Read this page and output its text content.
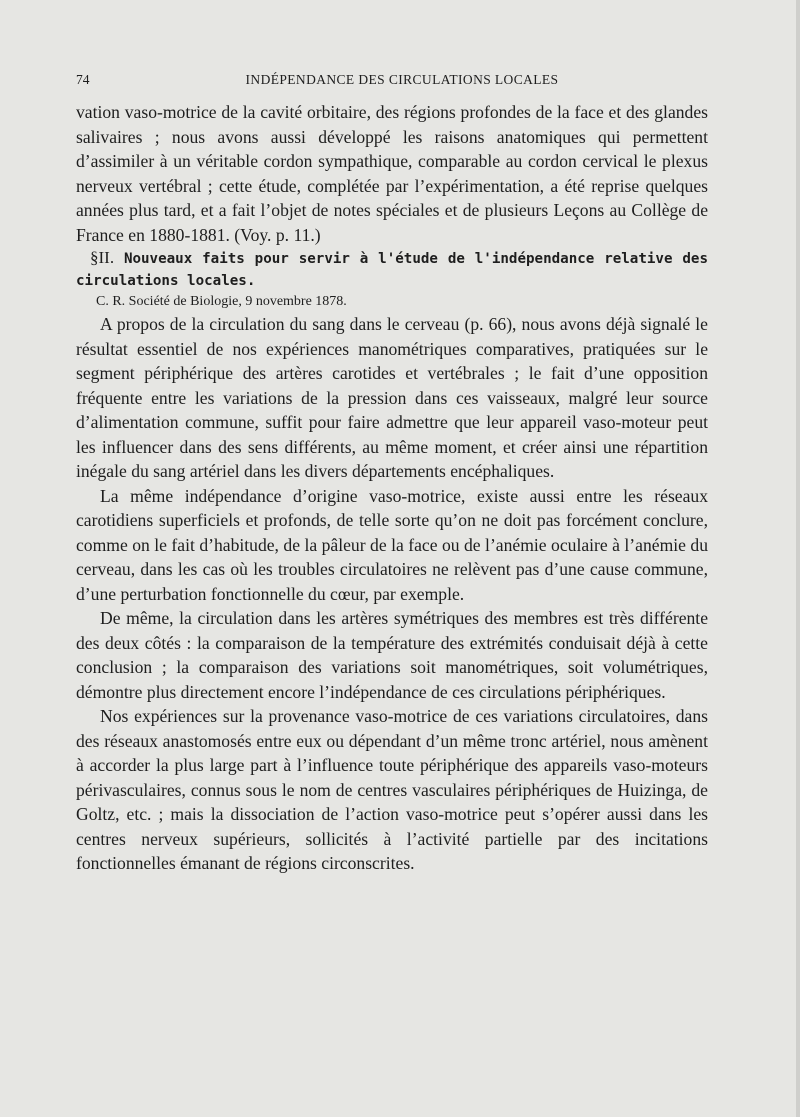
74	INDÉPENDANCE DES CIRCULATIONS LOCALES

vation vaso-motrice de la cavité orbitaire, des régions profondes de la face et des glandes salivaires ; nous avons aussi développé les raisons anatomiques qui permettent d’assimiler à un véritable cordon sympathique, comparable au cordon cervical le plexus nerveux vertébral ; cette étude, complétée par l’expérimentation, a été reprise quelques années plus tard, et a fait l’objet de notes spéciales et de plusieurs Leçons au Collège de France en 1880-1881. (Voy. p. 11.)

§II. Nouveaux faits pour servir à l'étude de l'indépendance relative des circulations locales.

C. R. Société de Biologie, 9 novembre 1878.

A propos de la circulation du sang dans le cerveau (p. 66), nous avons déjà signalé le résultat essentiel de nos expériences manométriques comparatives, pratiquées sur le segment périphérique des artères carotides et vertébrales ; le fait d’une opposition fréquente entre les variations de la pression dans ces vaisseaux, malgré leur source d’alimentation commune, suffit pour faire admettre que leur appareil vaso-moteur peut les influencer dans des sens différents, au même moment, et créer ainsi une répartition inégale du sang artériel dans les divers départements encéphaliques.

La même indépendance d’origine vaso-motrice, existe aussi entre les réseaux carotidiens superficiels et profonds, de telle sorte qu’on ne doit pas forcément conclure, comme on le fait d’habitude, de la pâleur de la face ou de l’anémie oculaire à l’anémie du cerveau, dans les cas où les troubles circulatoires ne relèvent pas d’une cause commune, d’une perturbation fonctionnelle du cœur, par exemple.

De même, la circulation dans les artères symétriques des membres est très différente des deux côtés : la comparaison de la température des extrémités conduisait déjà à cette conclusion ; la comparaison des variations soit manométriques, soit volumétriques, démontre plus directement encore l’indépendance de ces circulations périphériques.

Nos expériences sur la provenance vaso-motrice de ces variations circulatoires, dans des réseaux anastomosés entre eux ou dépendant d’un même tronc artériel, nous amènent à accorder la plus large part à l’influence toute périphérique des appareils vaso-moteurs périvasculaires, connus sous le nom de centres vasculaires périphériques de Huizinga, de Goltz, etc. ; mais la dissociation de l’action vaso-motrice peut s’opérer aussi dans les centres nerveux supérieurs, sollicités à l’activité partielle par des incitations fonctionnelles émanant de régions circonscrites.
